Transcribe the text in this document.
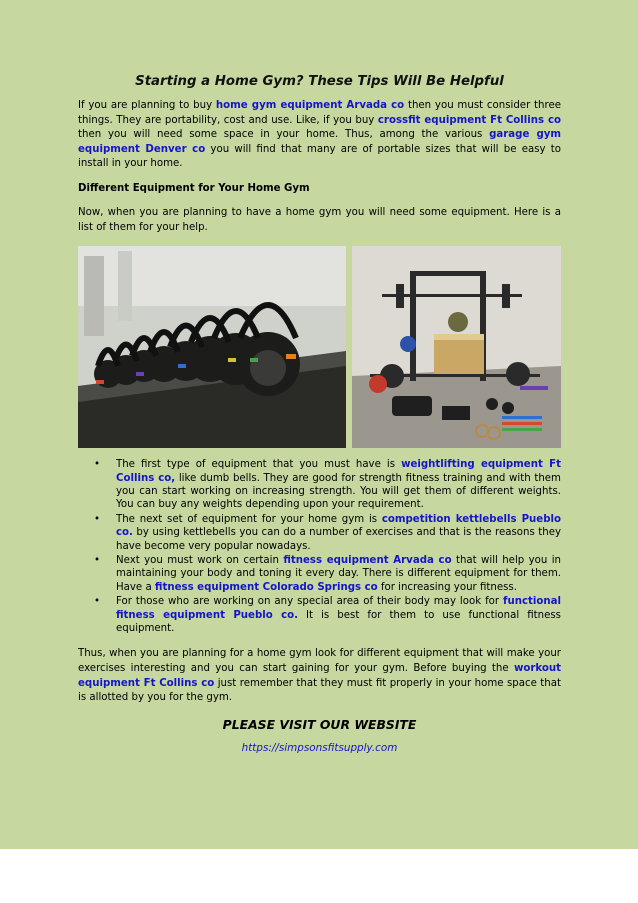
Starting a Home Gym? These Tips Will Be Helpful

If you are planning to buy home gym equipment Arvada co then you must consider three things. They are portability, cost and use. Like, if you buy crossfit equipment Ft Collins co then you will need some space in your home. Thus, among the various garage gym equipment Denver co you will find that many are of portable sizes that will be easy to install in your home.

Different Equipment for Your Home Gym

Now, when you are planning to have a home gym you will need some equipment. Here is a list of them for your help.

• The first type of equipment that you must have is weightlifting equipment Ft Collins co, like dumb bells. They are good for strength fitness training and with them you can start working on increasing strength. You will get them of different weights. You can buy any weights depending upon your requirement.
• The next set of equipment for your home gym is competition kettlebells Pueblo co. by using kettlebells you can do a number of exercises and that is the reasons they have become very popular nowadays.
• Next you must work on certain fitness equipment Arvada co that will help you in maintaining your body and toning it every day. There is different equipment for them. Have a fitness equipment Colorado Springs co for increasing your fitness.
• For those who are working on any special area of their body may look for functional fitness equipment Pueblo co. It is best for them to use functional fitness equipment.

Thus, when you are planning for a home gym look for different equipment that will make your exercises interesting and you can start gaining for your gym. Before buying the workout equipment Ft Collins co just remember that they must fit properly in your home space that is allotted by you for the gym.

PLEASE VISIT OUR WEBSITE
https://simpsonsfitsupply.com
